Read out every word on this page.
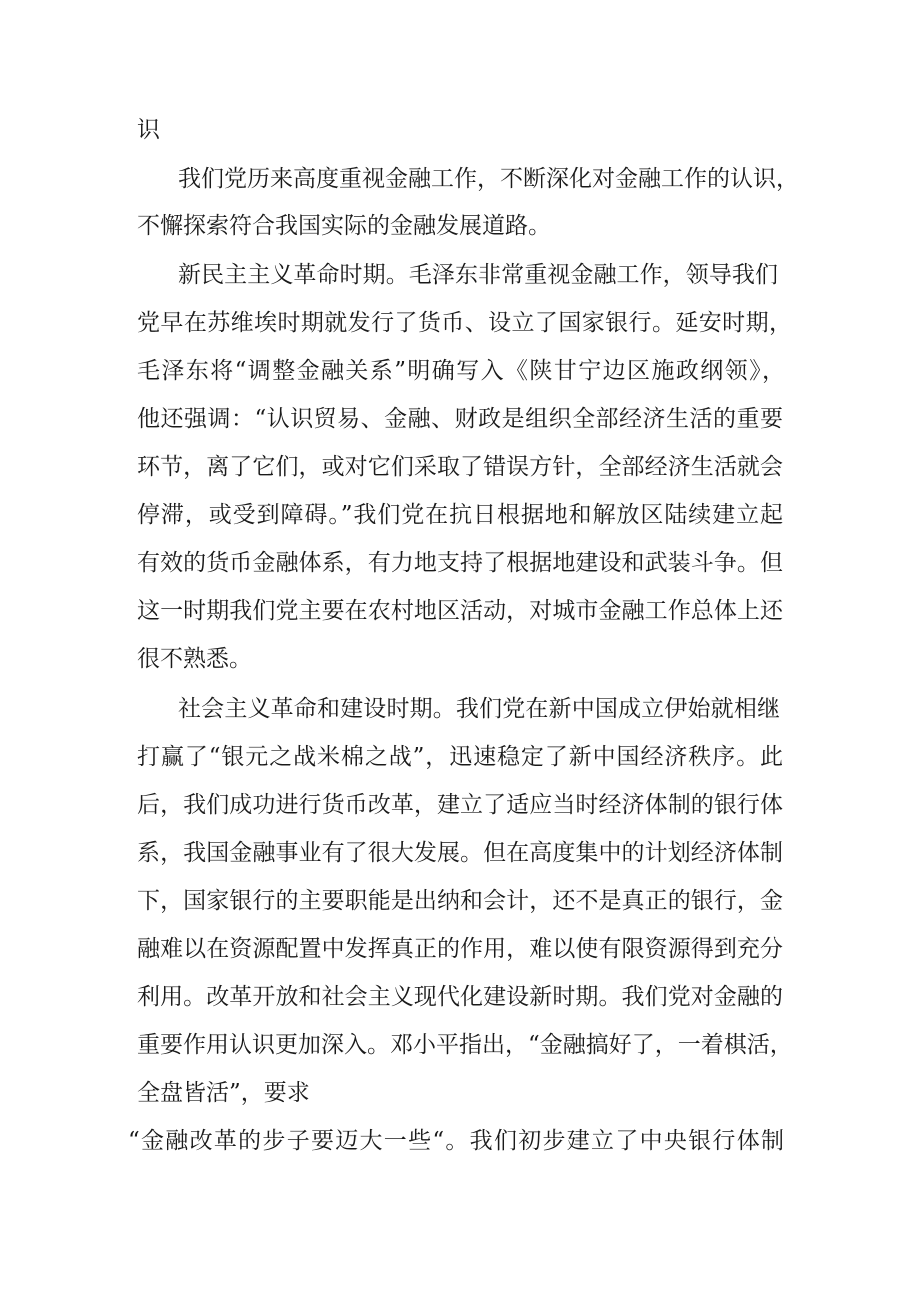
识
我们党历来高度重视金融工作，不断深化对金融工作的认识，
不懈探索符合我国实际的金融发展道路。
新民主主义革命时期。毛泽东非常重视金融工作，领导我们
党早在苏维埃时期就发行了货币、设立了国家银行。延安时期，
毛泽东将“调整金融关系”明确写入《陕甘宁边区施政纲领》，
他还强调：“认识贸易、金融、财政是组织全部经济生活的重要
环节，离了它们，或对它们采取了错误方针，全部经济生活就会
停滞，或受到障碍。”我们党在抗日根据地和解放区陆续建立起
有效的货币金融体系，有力地支持了根据地建设和武装斗争。但
这一时期我们党主要在农村地区活动，对城市金融工作总体上还
很不熟悉。
社会主义革命和建设时期。我们党在新中国成立伊始就相继
打赢了“银元之战米棉之战”，迅速稳定了新中国经济秩序。此
后，我们成功进行货币改革，建立了适应当时经济体制的银行体
系，我国金融事业有了很大发展。但在高度集中的计划经济体制
下，国家银行的主要职能是出纳和会计，还不是真正的银行，金
融难以在资源配置中发挥真正的作用，难以使有限资源得到充分
利用。改革开放和社会主义现代化建设新时期。我们党对金融的
重要作用认识更加深入。邓小平指出，“金融搞好了，一着棋活，
全盘皆活”，要求
“金融改革的步子要迈大一些“。我们初步建立了中央银行体制
